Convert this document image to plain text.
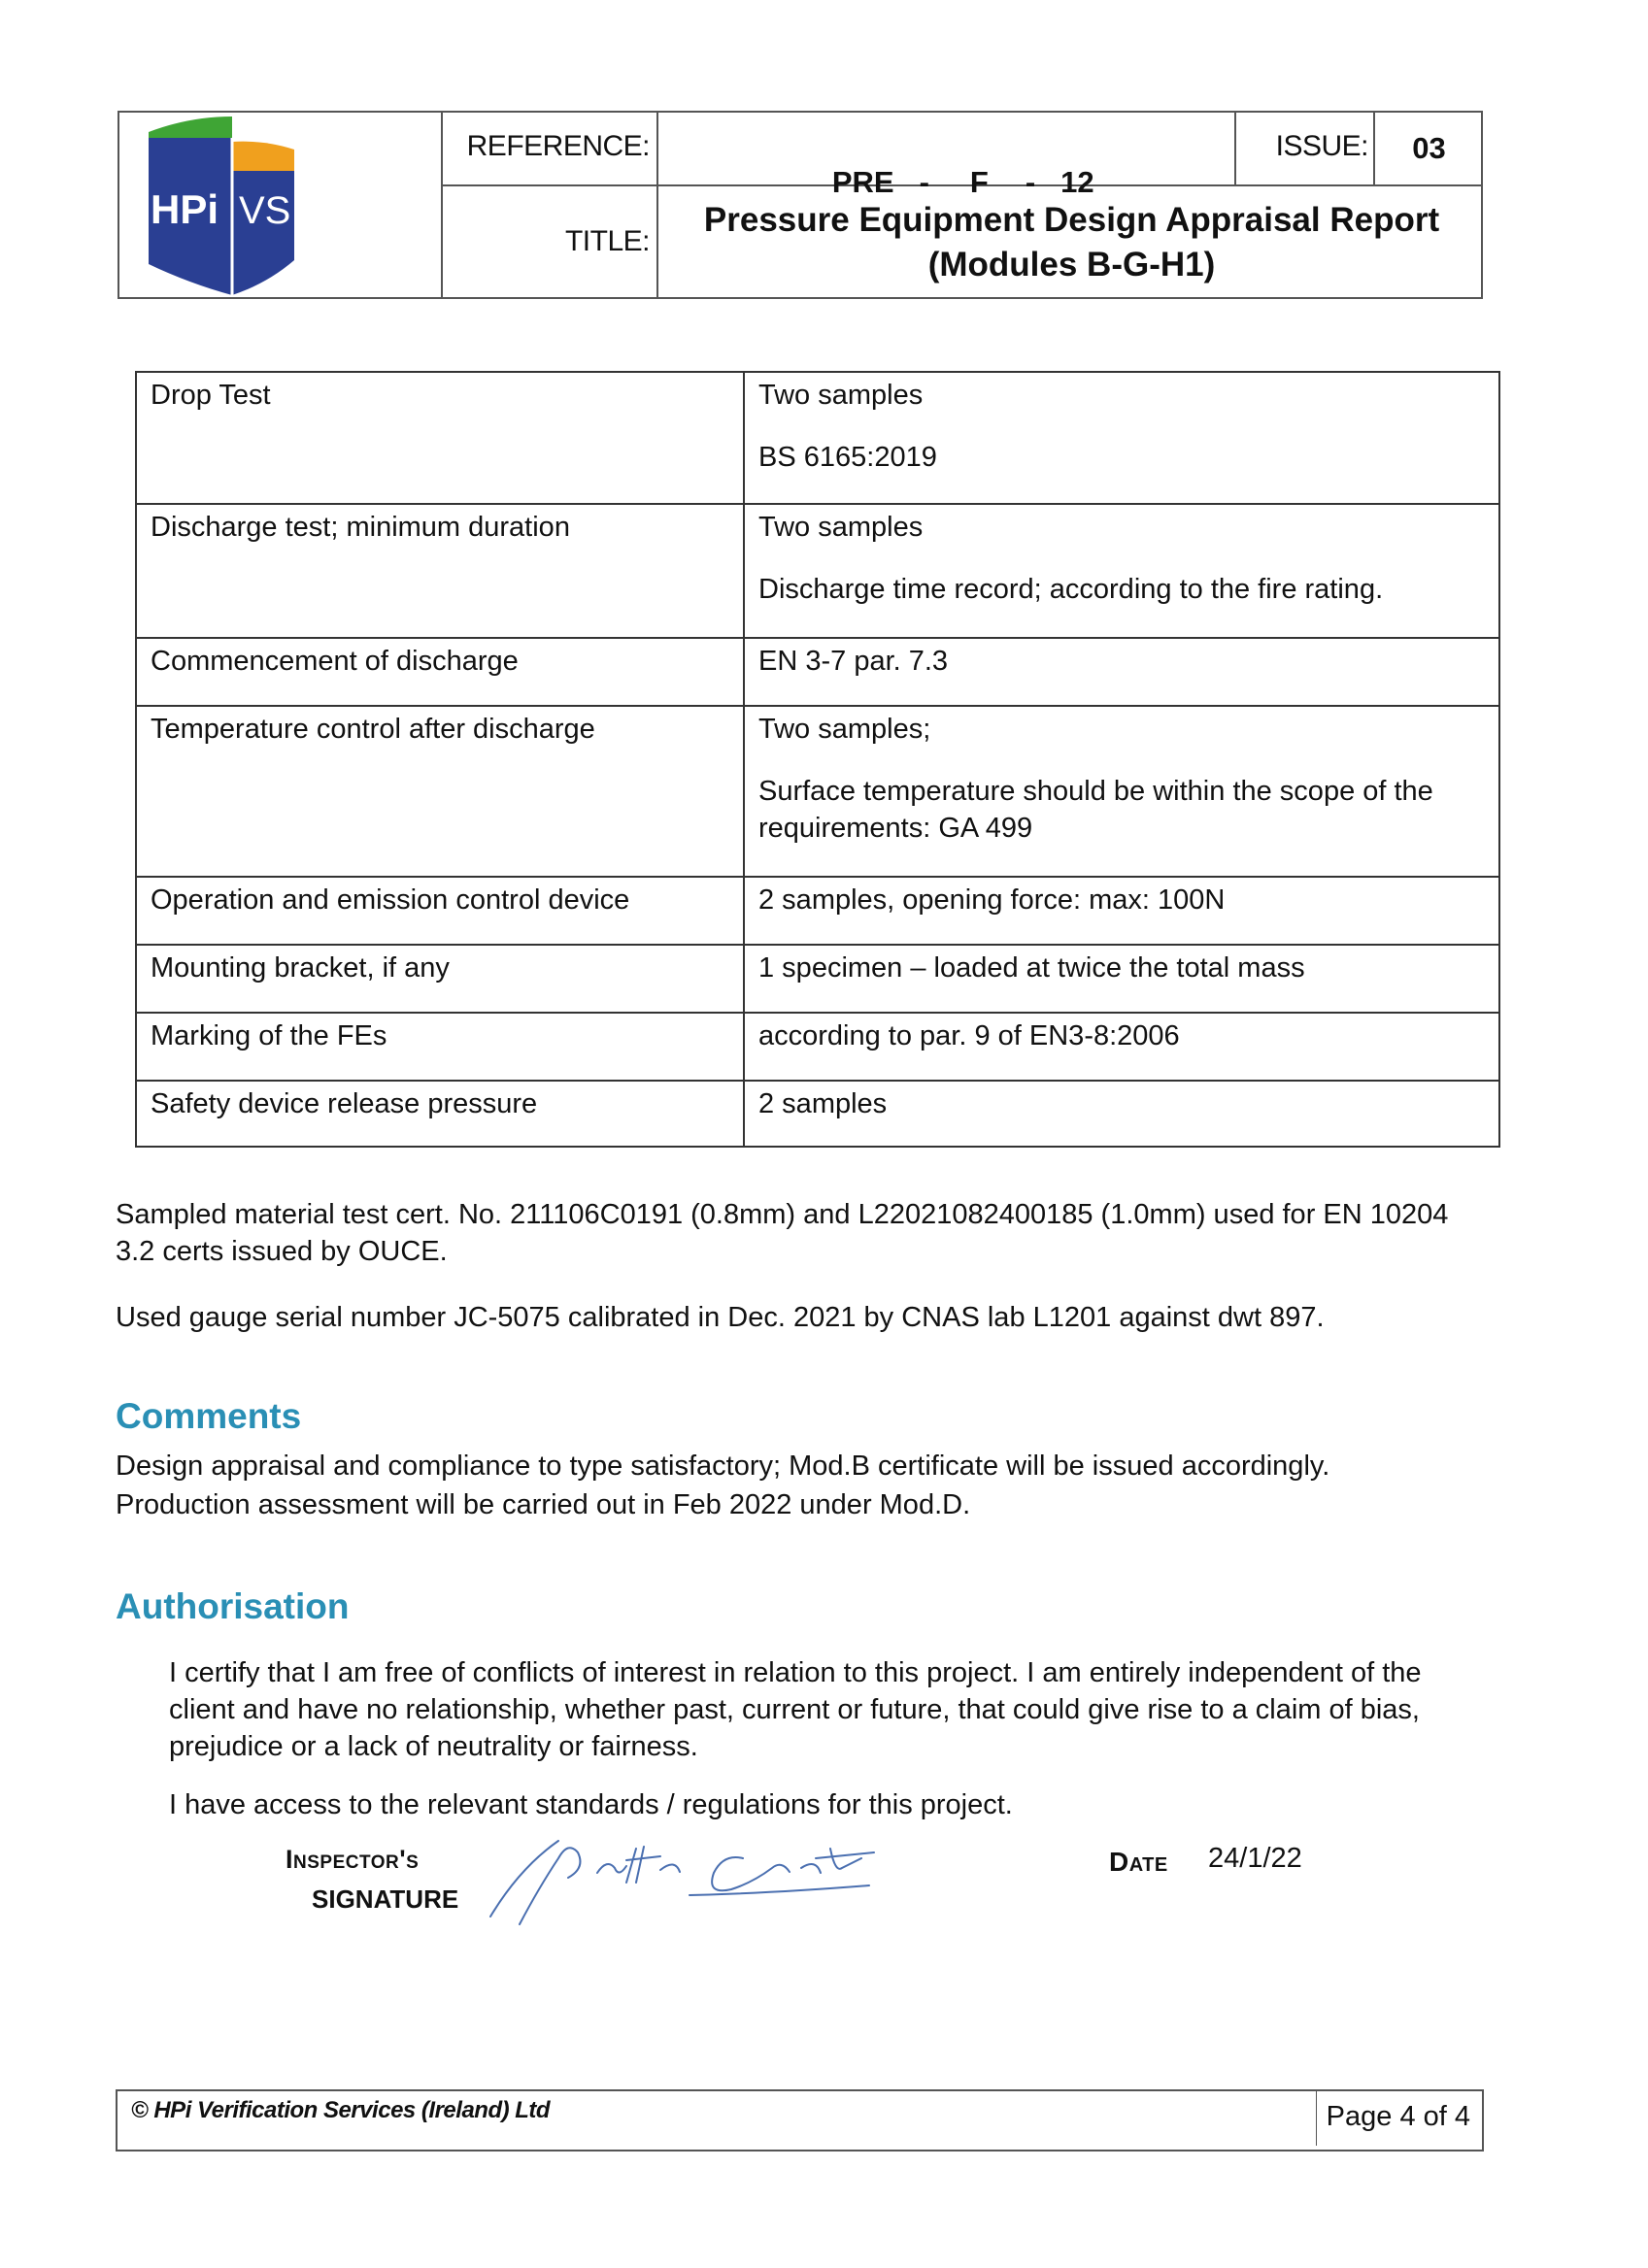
HPi VS
REFERENCE:

PRE - F - 12

ISSUE:	03
TITLE:
Pressure Equipment Design Appraisal Report
(Modules B-G-H1)
Drop Test	Two samples

BS 6165:2019

Discharge test; minimum duration	Two samples

Discharge time record; according to the fire rating.

Commencement of discharge	EN 3-7 par. 7.3

Temperature control after discharge	Two samples;

Surface temperature should be within the scope of the requirements: GA 499

Operation and emission control device	2 samples, opening force: max: 100N

Mounting bracket, if any	1 specimen – loaded at twice the total mass

Marking of the FEs	according to par. 9 of EN3-8:2006

Safety device release pressure	2 samples

Sampled material test cert. No. 211106C0191 (0.8mm) and L22021082400185 (1.0mm) used for EN 10204 3.2 certs issued by OUCE.
Used gauge serial number JC-5075 calibrated in Dec. 2021 by CNAS lab L1201 against dwt 897.
Comments
Design appraisal and compliance to type satisfactory; Mod.B certificate will be issued accordingly.
Production assessment will be carried out in Feb 2022 under Mod.D.
Authorisation
I certify that I am free of conflicts of interest in relation to this project. I am entirely independent of the client and have no relationship, whether past, current or future, that could give rise to a claim of bias, prejudice or a lack of neutrality or fairness.
I have access to the relevant standards / regulations for this project.
Inspector's
SIGNATURE
Date 24/1/22
© HPi Verification Services (Ireland) Ltd	Page 4 of 4
